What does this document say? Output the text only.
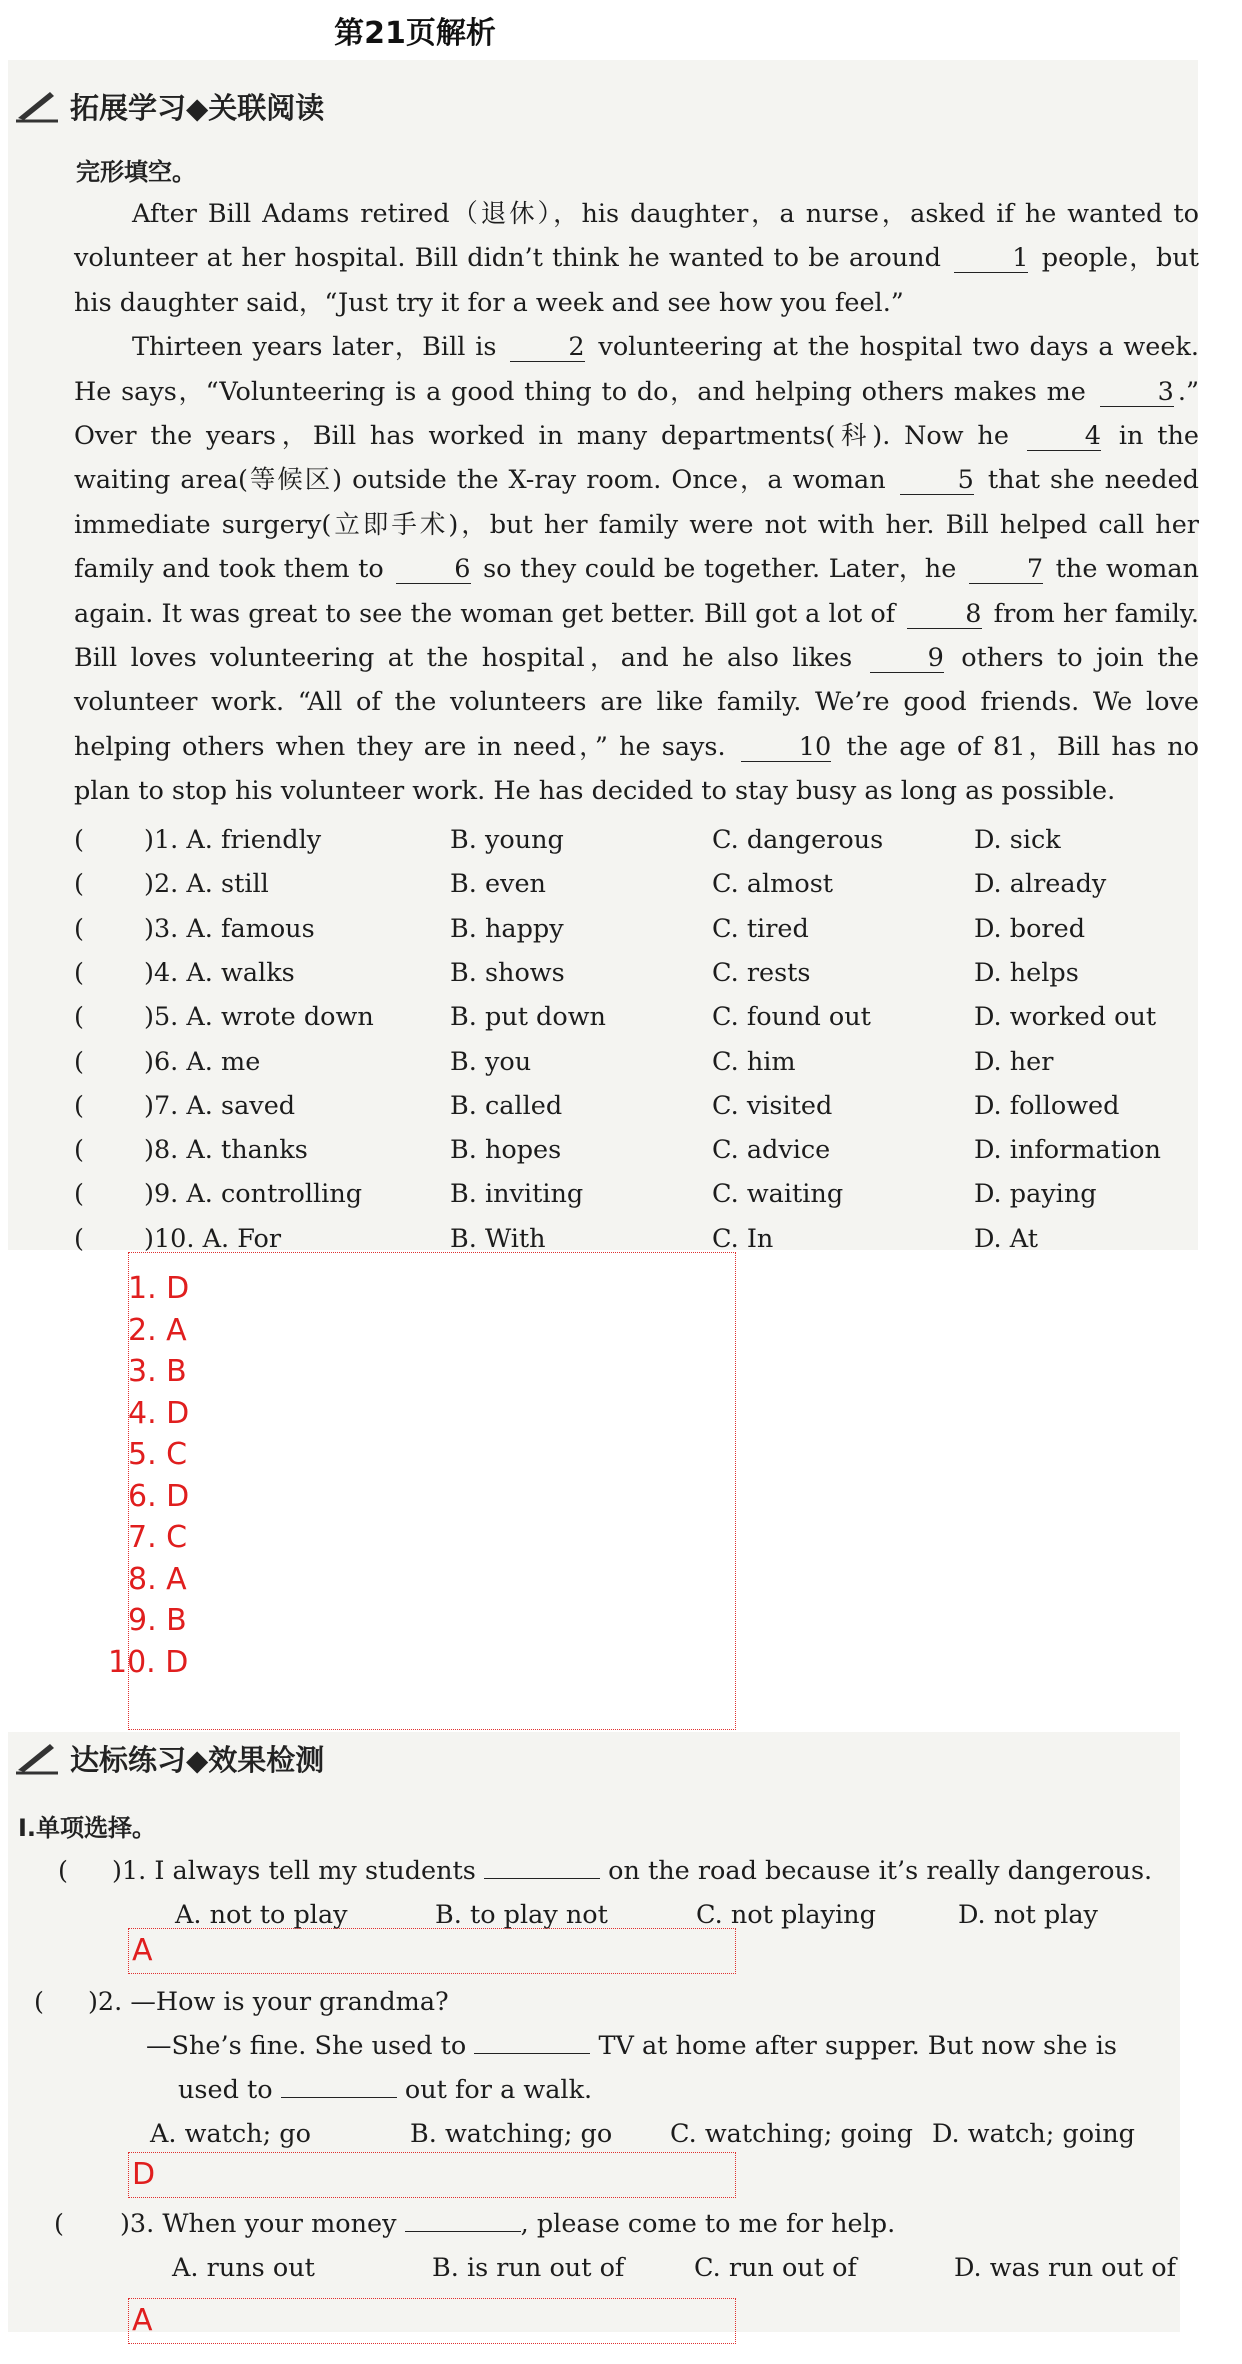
第21页解析
拓展学习◆关联阅读
完形填空。

After Bill Adams retired（退休），his daughter，a nurse，asked if he wanted to volunteer at her hospital. Bill didn’t think he wanted to be around 1 people，but his daughter said，“Just try it for a week and see how you feel.”

Thirteen years later，Bill is 2 volunteering at the hospital two days a week. He says，“Volunteering is a good thing to do，and helping others makes me 3 .” Over the years，Bill has worked in many departments(科). Now he 4 in the waiting area(等候区) outside the X-ray room. Once，a woman 5 that she needed immediate surgery(立即手术)，but her family were not with her. Bill helped call her family and took them to 6 so they could be together. Later，he 7 the woman again. It was great to see the woman get better. Bill got a lot of 8 from her family. Bill loves volunteering at the hospital，and he also likes 9 others to join the volunteer work. “All of the volunteers are like family. We’re good friends. We love helping others when they are in need，” he says. 10 the age of 81，Bill has no plan to stop his volunteer work. He has decided to stay busy as long as possible.

( )1. A. friendly	B. young	C. dangerous	D. sick
( )2. A. still	B. even	C. almost	D. already
( )3. A. famous	B. happy	C. tired	D. bored
( )4. A. walks	B. shows	C. rests	D. helps
( )5. A. wrote down	B. put down	C. found out	D. worked out
( )6. A. me	B. you	C. him	D. her
( )7. A. saved	B. called	C. visited	D. followed
( )8. A. thanks	B. hopes	C. advice	D. information
( )9. A. controlling	B. inviting	C. waiting	D. paying
( )10. A. For	B. With	C. In	D. At
1. D
2. A
3. B
4. D
5. C
6. D
7. C
8. A
9. B
10. D
达标练习◆效果检测
Ⅰ.单项选择。
( )1. I always tell my students	on the road because it’s really dangerous.
A. not to play	B. to play not	C. not playing	D. not play
A
( )2. —How is your grandma?
—She’s fine. She used to	TV at home after supper. But now she is
used to	out for a walk.
A. watch; go	B. watching; go C. watching; going D. watch; going
D
( )3. When your money	, please come to me for help.
A. runs out	B. is run out of	C. run out of	D. was run out of
A
